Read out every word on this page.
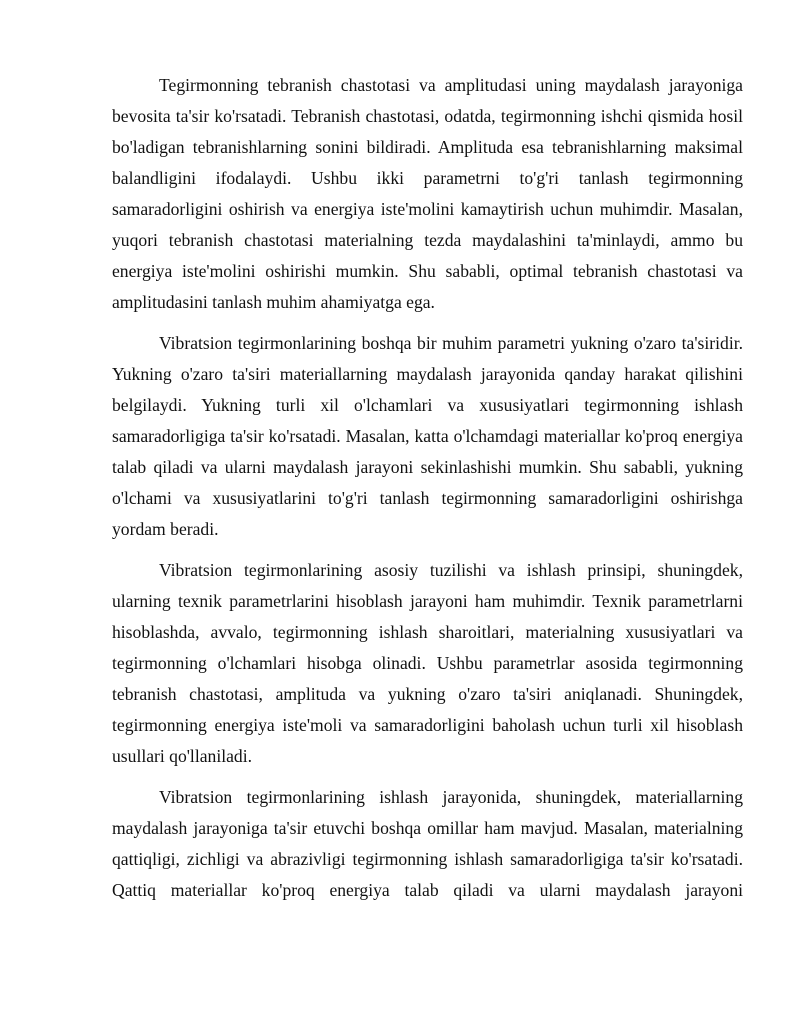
Tegirmonning tebranish chastotasi va amplitudasi uning maydalash jarayoniga bevosita ta'sir ko'rsatadi. Tebranish chastotasi, odatda, tegirmonning ishchi qismida hosil bo'ladigan tebranishlarning sonini bildiradi. Amplituda esa tebranishlarning maksimal balandligini ifodalaydi. Ushbu ikki parametrni to'g'ri tanlash tegirmonning samaradorligini oshirish va energiya iste'molini kamaytirish uchun muhimdir. Masalan, yuqori tebranish chastotasi materialning tezda maydalashini ta'minlaydi, ammo bu energiya iste'molini oshirishi mumkin. Shu sababli, optimal tebranish chastotasi va amplitudasini tanlash muhim ahamiyatga ega.

Vibratsion tegirmonlarining boshqa bir muhim parametri yukning o'zaro ta'siridir. Yukning o'zaro ta'siri materiallarning maydalash jarayonida qanday harakat qilishini belgilaydi. Yukning turli xil o'lchamlari va xususiyatlari tegirmonning ishlash samaradorligiga ta'sir ko'rsatadi. Masalan, katta o'lchamdagi materiallar ko'proq energiya talab qiladi va ularni maydalash jarayoni sekinlashishi mumkin. Shu sababli, yukning o'lchami va xususiyatlarini to'g'ri tanlash tegirmonning samaradorligini oshirishga yordam beradi.

Vibratsion tegirmonlarining asosiy tuzilishi va ishlash prinsipi, shuningdek, ularning texnik parametrlarini hisoblash jarayoni ham muhimdir. Texnik parametrlarni hisoblashda, avvalo, tegirmonning ishlash sharoitlari, materialning xususiyatlari va tegirmonning o'lchamlari hisobga olinadi. Ushbu parametrlar asosida tegirmonning tebranish chastotasi, amplituda va yukning o'zaro ta'siri aniqlanadi. Shuningdek, tegirmonning energiya iste'moli va samaradorligini baholash uchun turli xil hisoblash usullari qo'llaniladi.

Vibratsion tegirmonlarining ishlash jarayonida, shuningdek, materiallarning maydalash jarayoniga ta'sir etuvchi boshqa omillar ham mavjud. Masalan, materialning qattiqligi, zichligi va abrazivligi tegirmonning ishlash samaradorligiga ta'sir ko'rsatadi. Qattiq materiallar ko'proq energiya talab qiladi va ularni maydalash jarayoni
